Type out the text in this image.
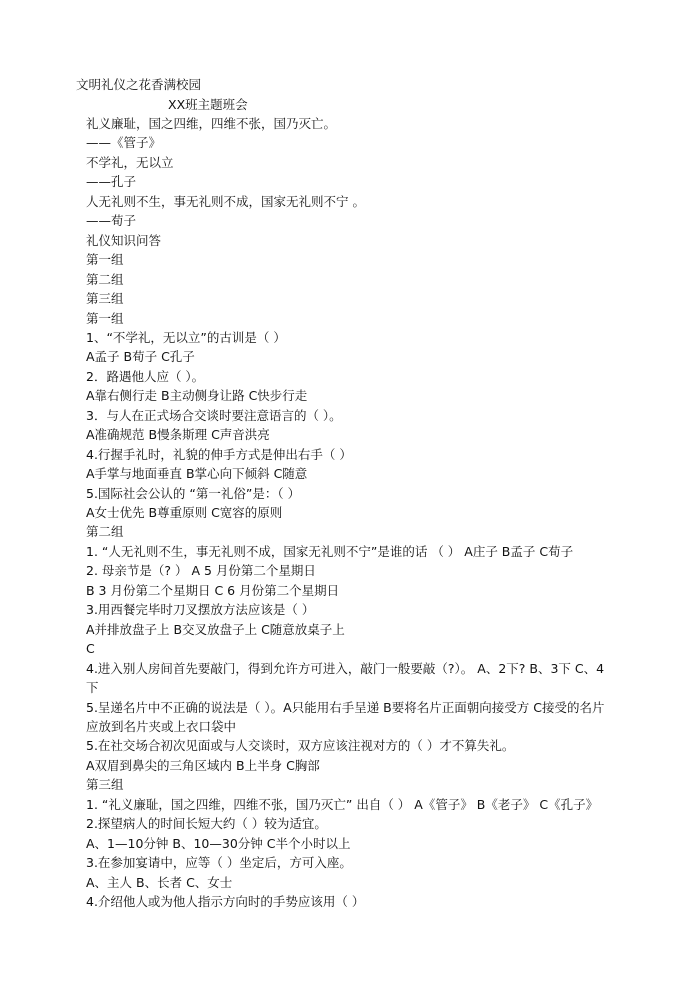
文明礼仪之花香满校园
XX班主题班会
礼义廉耻，国之四维，四维不张，国乃灭亡。
——《管子》
不学礼，无以立
——孔子
人无礼则不生，事无礼则不成，国家无礼则不宁 。
——荀子
礼仪知识问答
第一组
第二组
第三组
第一组
1、“不学礼，无以立”的古训是（ ）
A孟子 B荀子 C孔子
2．路遇他人应（ ）。
A靠右侧行走 B主动侧身让路 C快步行走
3．与人在正式场合交谈时要注意语言的（ ）。
A准确规范 B慢条斯理 C声音洪亮
4.行握手礼时，礼貌的伸手方式是伸出右手（ ）
A手掌与地面垂直 B掌心向下倾斜 C随意
5.国际社会公认的 “第一礼俗”是：（ ）
A女士优先 B尊重原则 C宽容的原则
第二组
1. “人无礼则不生，事无礼则不成，国家无礼则不宁”是谁的话 （ ） A庄子 B孟子 C荀子
2. 母亲节是（? ） A 5 月份第二个星期日
B 3 月份第二个星期日 C 6 月份第二个星期日
3.用西餐完毕时刀叉摆放方法应该是（ ）
A并排放盘子上 B交叉放盘子上 C随意放桌子上
C
4.进入别人房间首先要敲门，得到允许方可进入，敲门一般要敲（?）。 A、2下? B、3下 C、4
下
5.呈递名片中不正确的说法是（ ）。A只能用右手呈递 B要将名片正面朝向接受方 C接受的名片
应放到名片夹或上衣口袋中
5.在社交场合初次见面或与人交谈时，双方应该注视对方的（ ）才不算失礼。
A双眉到鼻尖的三角区域内 B上半身 C胸部
第三组
1. “礼义廉耻，国之四维，四维不张，国乃灭亡” 出自（ ） A《管子》 B《老子》 C《孔子》
2.探望病人的时间长短大约（ ）较为适宜。
A、1—10分钟 B、10—30分钟 C半个小时以上
3.在参加宴请中，应等（ ）坐定后，方可入座。
A、主人 B、长者 C、女士
4.介绍他人或为他人指示方向时的手势应该用（ ）
